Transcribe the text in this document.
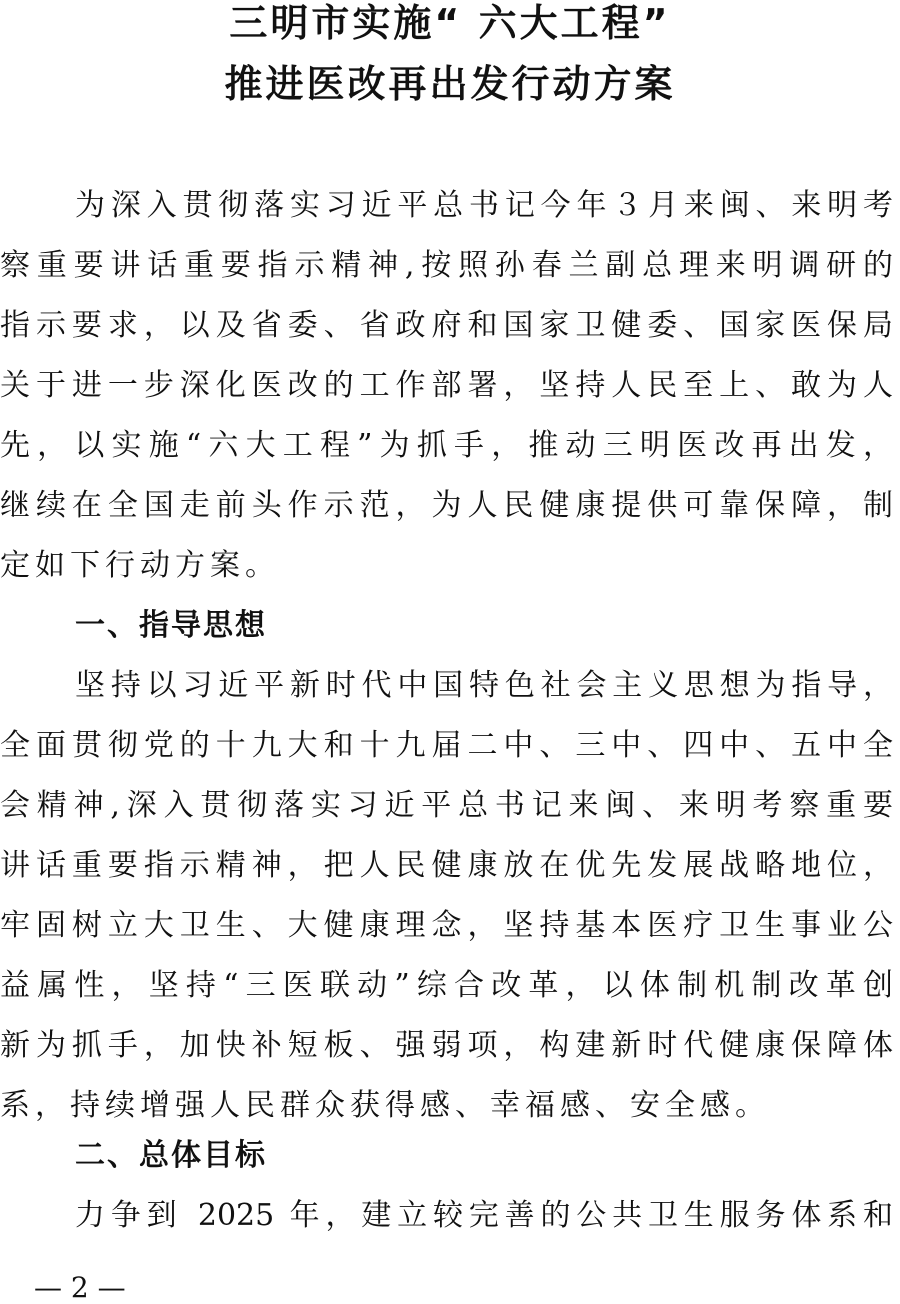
三明市实施“ 六大工程”
推进医改再出发行动方案
为深入贯彻落实习近平总书记今年３月来闽、来明考
察重要讲话重要指示精神,按照孙春兰副总理来明调研的
指示要求，以及省委、省政府和国家卫健委、国家医保局
关于进一步深化医改的工作部署，坚持人民至上、敢为人
先，以实施“六大工程”为抓手，推动三明医改再出发，
继续在全国走前头作示范，为人民健康提供可靠保障，制
定如下行动方案。
一、指导思想
坚持以习近平新时代中国特色社会主义思想为指导，
全面贯彻党的十九大和十九届二中、三中、四中、五中全
会精神,深入贯彻落实习近平总书记来闽、来明考察重要
讲话重要指示精神，把人民健康放在优先发展战略地位，
牢固树立大卫生、大健康理念，坚持基本医疗卫生事业公
益属性，坚持“三医联动”综合改革，以体制机制改革创
新为抓手，加快补短板、强弱项，构建新时代健康保障体
系，持续增强人民群众获得感、幸福感、安全感。
二、总体目标
力争到 2025 年，建立较完善的公共卫生服务体系和
— 2 —
